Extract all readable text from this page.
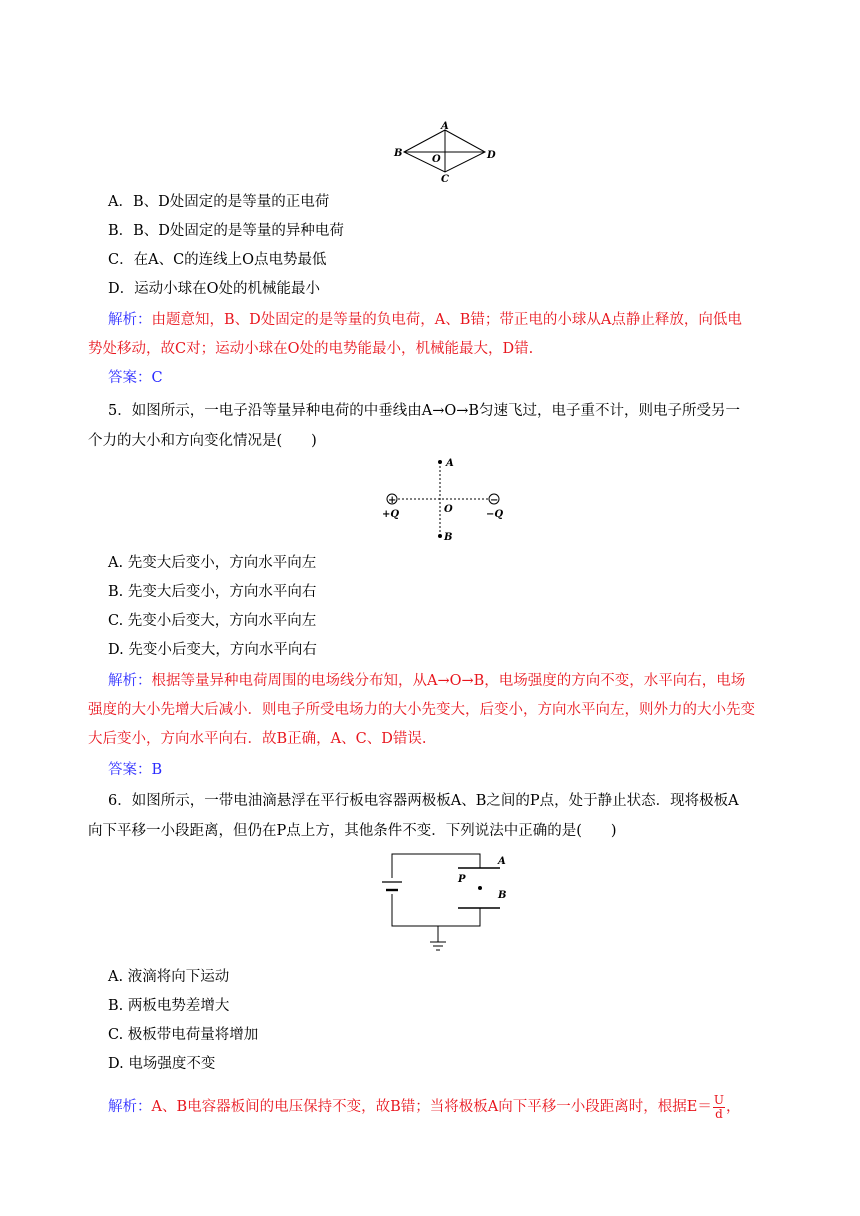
A
B	D
O
C
A．B、D处固定的是等量的正电荷
B．B、D处固定的是等量的异种电荷
C．在A、C的连线上O点电势最低
D．运动小球在O处的机械能最小
解析：由题意知，B、D处固定的是等量的负电荷，A、B错；带正电的小球从A点静止释放，向低电
势处移动，故C对；运动小球在O处的电势能最小，机械能最大，D错.
答案：C
5．如图所示，一电子沿等量异种电荷的中垂线由A→O→B匀速飞过，电子重不计，则电子所受另一
个力的大小和方向变化情况是(　　)
+	−
A
O
B
+Q	−Q
A. 先变大后变小，方向水平向左
B. 先变大后变小，方向水平向右
C. 先变小后变大，方向水平向左
D. 先变小后变大，方向水平向右
解析：根据等量异种电荷周围的电场线分布知，从A→O→B，电场强度的方向不变，水平向右，电场
强度的大小先增大后减小．则电子所受电场力的大小先变大，后变小，方向水平向左，则外力的大小先变
大后变小，方向水平向右．故B正确，A、C、D错误.
答案：B
6．如图所示，一带电油滴悬浮在平行板电容器两极板A、B之间的P点，处于静止状态．现将极板A
向下平移一小段距离，但仍在P点上方，其他条件不变．下列说法中正确的是(　　)
A
P
B
A. 液滴将向下运动
B. 两板电势差增大
C. 极板带电荷量将增加
D. 电场强度不变
解析：A、B电容器板间的电压保持不变，故B错；当将极板A向下平移一小段距离时，根据$E= \frac{U}{d}$ ，
